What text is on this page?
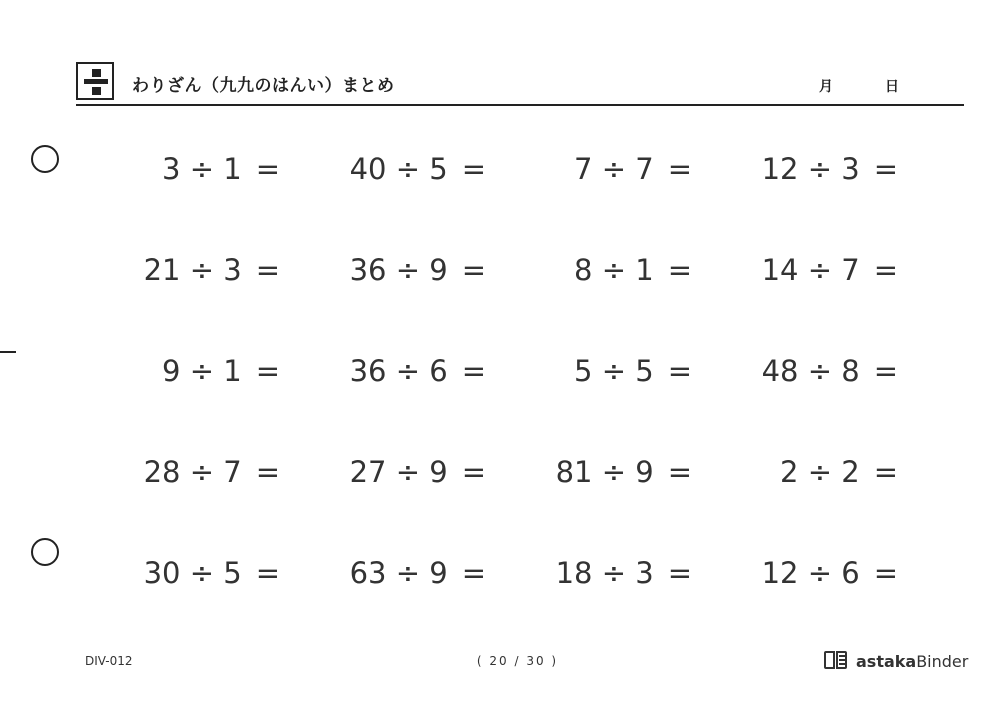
わりざん（九九のはんい）まとめ	月	日
3 ÷ 1 = 40 ÷ 5 =	7 ÷ 7 = 12 ÷ 3 =
21 ÷ 3 = 36 ÷ 9 =	8 ÷ 1 = 14 ÷ 7 =
9 ÷ 1 = 36 ÷ 6 =	5 ÷ 5 = 48 ÷ 8 =
28 ÷ 7 = 27 ÷ 9 = 81 ÷ 9 =	2 ÷ 2 =
30 ÷ 5 = 63 ÷ 9 = 18 ÷ 3 = 12 ÷ 6 =
DIV-012	( 20 / 30 )	astakaBinder
